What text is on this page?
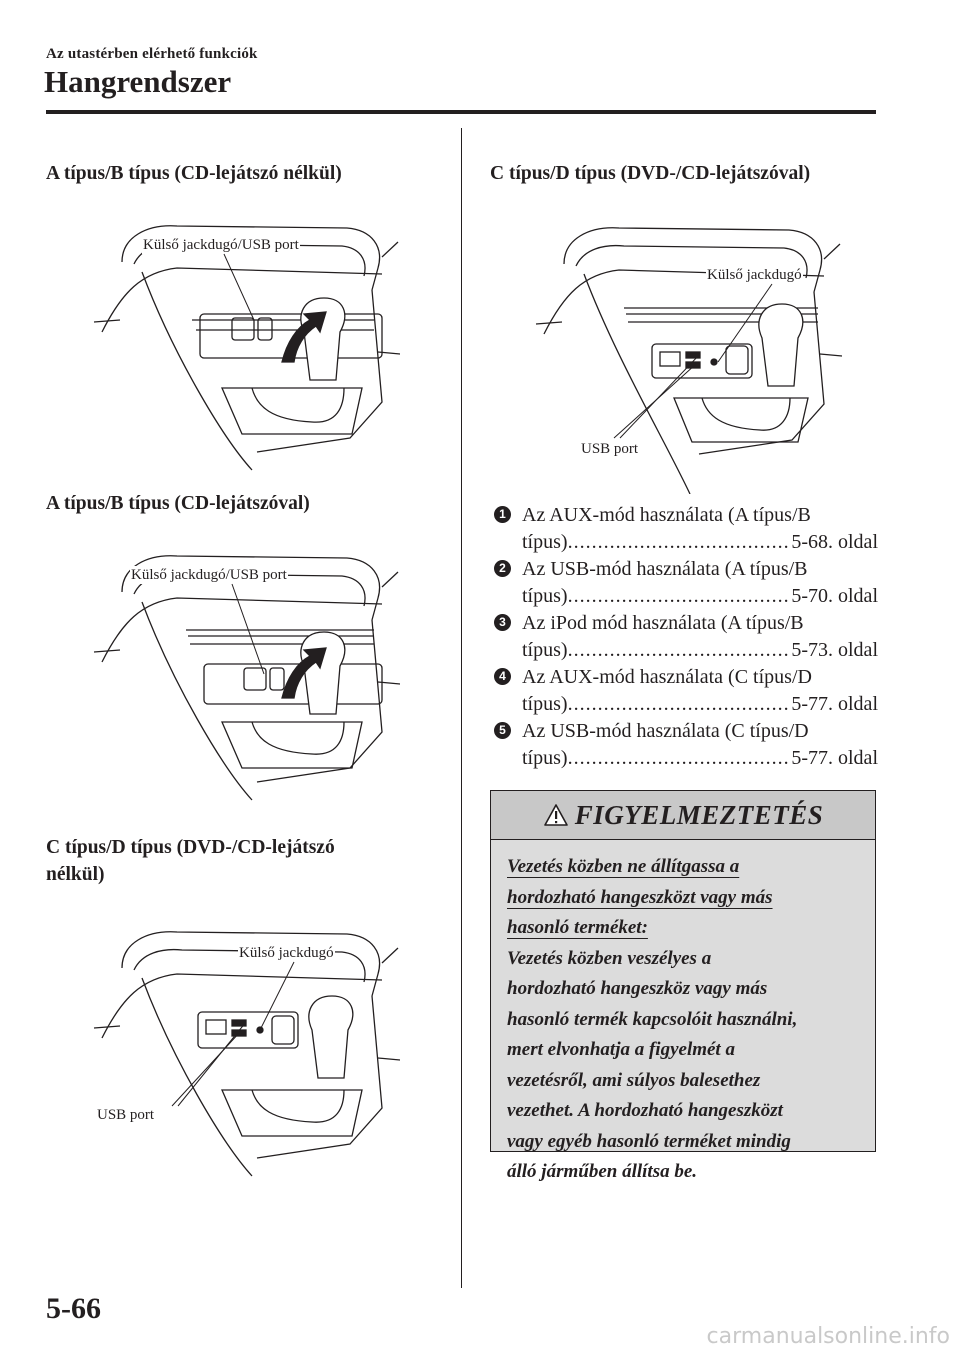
Az utastérben elérhető funkciók
Hangrendszer
A típus/B típus (CD-lejátszó nélkül)
Külső jackdugó/USB port
A típus/B típus (CD-lejátszóval)
Külső jackdugó/USB port
C típus/D típus (DVD-/CD-lejátszó
nélkül)
Külső jackdugó
USB port
C típus/D típus (DVD-/CD-lejátszóval)
Külső jackdugó
USB port
1 Az AUX-mód használata (A típus/B
típus) .....	5-68. oldal
2 Az USB-mód használata (A típus/B
típus) .....	5-70. oldal
3 Az iPod mód használata (A típus/B
típus) .....	5-73. oldal
4 Az AUX-mód használata (C típus/D
típus) .....	5-77. oldal
5 Az USB-mód használata (C típus/D
típus) .....	5-77. oldal
FIGYELMEZTETÉS
Vezetés közben ne állítgassa a
hordozható hangeszközt vagy más
hasonló terméket:
Vezetés közben veszélyes a
hordozható hangeszköz vagy más
hasonló termék kapcsolóit használni,
mert elvonhatja a figyelmét a
vezetésről, ami súlyos balesethez
vezethet. A hordozható hangeszközt
vagy egyéb hasonló terméket mindig
álló járműben állítsa be.
5-66
carmanualsonline.info
